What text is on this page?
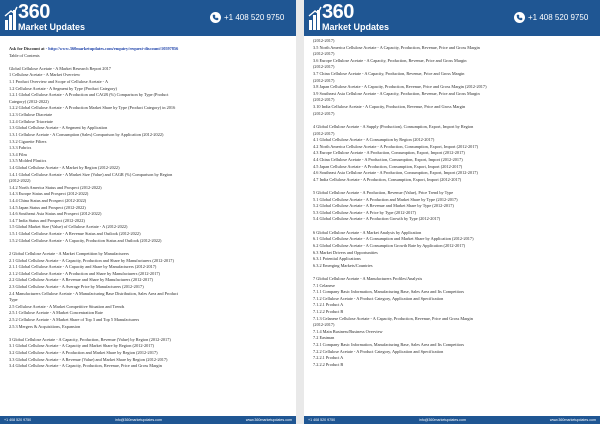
360
Market Updates
+1 408 520 9750
Ask for Discount at - http://www.360marketupdates.com/enquiry/request-discount/10597856
Table of Contents
Global Cellulose Acetate - A Market Research Report 2017
1 Cellulose Acetate - A Market Overview
1.1 Product Overview and Scope of Cellulose Acetate - A
1.2 Cellulose Acetate - A Segment by Type (Product Category)
1.2.1 Global Cellulose Acetate - A Production and CAGR (%) Comparison by Type (Product
Category) (2012-2022)
1.2.2 Global Cellulose Acetate - A Production Market Share by Type (Product Category) in 2016
1.2.3 Cellulose Diacetate
1.2.4 Cellulose Triacetate
1.3 Global Cellulose Acetate - A Segment by Application
1.3.1 Cellulose Acetate - A Consumption (Sales) Comparison by Application (2012-2022)
1.3.2 Cigarette Filters
1.3.3 Fabrics
1.3.4 Film
1.3.5 Molded Plastics
1.4 Global Cellulose Acetate - A Market by Region (2012-2022)
1.4.1 Global Cellulose Acetate - A Market Size (Value) and CAGR (%) Comparison by Region
(2012-2022)
1.4.2 North America Status and Prospect (2012-2022)
1.4.3 Europe Status and Prospect (2012-2022)
1.4.4 China Status and Prospect (2012-2022)
1.4.5 Japan Status and Prospect (2012-2022)
1.4.6 Southeast Asia Status and Prospect (2012-2022)
1.4.7 India Status and Prospect (2012-2022)
1.5 Global Market Size (Value) of Cellulose Acetate - A (2012-2022)
1.5.1 Global Cellulose Acetate - A Revenue Status and Outlook (2012-2022)
1.5.2 Global Cellulose Acetate - A Capacity, Production Status and Outlook (2012-2022)
2 Global Cellulose Acetate - A Market Competition by Manufacturers
2.1 Global Cellulose Acetate - A Capacity, Production and Share by Manufacturers (2012-2017)
2.1.1 Global Cellulose Acetate - A Capacity and Share by Manufacturers (2012-2017)
2.1.2 Global Cellulose Acetate - A Production and Share by Manufacturers (2012-2017)
2.2 Global Cellulose Acetate - A Revenue and Share by Manufacturers (2012-2017)
2.3 Global Cellulose Acetate - A Average Price by Manufacturers (2012-2017)
2.4 Manufacturers Cellulose Acetate - A Manufacturing Base Distribution, Sales Area and Product
Type
2.5 Cellulose Acetate - A Market Competitive Situation and Trends
2.5.1 Cellulose Acetate - A Market Concentration Rate
2.5.2 Cellulose Acetate - A Market Share of Top 3 and Top 5 Manufacturers
2.5.3 Mergers & Acquisitions, Expansion
3 Global Cellulose Acetate - A Capacity, Production, Revenue (Value) by Region (2012-2017)
3.1 Global Cellulose Acetate - A Capacity and Market Share by Region (2012-2017)
3.2 Global Cellulose Acetate - A Production and Market Share by Region (2012-2017)
3.3 Global Cellulose Acetate - A Revenue (Value) and Market Share by Region (2012-2017)
3.4 Global Cellulose Acetate - A Capacity, Production, Revenue, Price and Gross Margin
+1 408 520 9750	info@360marketupdates.com	www.360marketupdates.com
360
Market Updates
+1 408 520 9750
(2012-2017)
3.5 North America Cellulose Acetate - A Capacity, Production, Revenue, Price and Gross Margin
(2012-2017)
3.6 Europe Cellulose Acetate - A Capacity, Production, Revenue, Price and Gross Margin
(2012-2017)
3.7 China Cellulose Acetate - A Capacity, Production, Revenue, Price and Gross Margin
(2012-2017)
3.8 Japan Cellulose Acetate - A Capacity, Production, Revenue, Price and Gross Margin (2012-2017)
3.9 Southeast Asia Cellulose Acetate - A Capacity, Production, Revenue, Price and Gross Margin
(2012-2017)
3.10 India Cellulose Acetate - A Capacity, Production, Revenue, Price and Gross Margin
(2012-2017)
4 Global Cellulose Acetate - A Supply (Production), Consumption, Export, Import by Region
(2012-2017)
4.1 Global Cellulose Acetate - A Consumption by Region (2012-2017)
4.2 North America Cellulose Acetate - A Production, Consumption, Export, Import (2012-2017)
4.3 Europe Cellulose Acetate - A Production, Consumption, Export, Import (2012-2017)
4.4 China Cellulose Acetate - A Production, Consumption, Export, Import (2012-2017)
4.5 Japan Cellulose Acetate - A Production, Consumption, Export, Import (2012-2017)
4.6 Southeast Asia Cellulose Acetate - A Production, Consumption, Export, Import (2012-2017)
4.7 India Cellulose Acetate - A Production, Consumption, Export, Import (2012-2017)
5 Global Cellulose Acetate - A Production, Revenue (Value), Price Trend by Type
5.1 Global Cellulose Acetate - A Production and Market Share by Type (2012-2017)
5.2 Global Cellulose Acetate - A Revenue and Market Share by Type (2012-2017)
5.3 Global Cellulose Acetate - A Price by Type (2012-2017)
5.4 Global Cellulose Acetate - A Production Growth by Type (2012-2017)
6 Global Cellulose Acetate - A Market Analysis by Application
6.1 Global Cellulose Acetate - A Consumption and Market Share by Application (2012-2017)
6.2 Global Cellulose Acetate - A Consumption Growth Rate by Application (2012-2017)
6.3 Market Drivers and Opportunities
6.3.1 Potential Applications
6.3.2 Emerging Markets/Countries
7 Global Cellulose Acetate - A Manufacturers Profiles/Analysis
7.1 Celanese
7.1.1 Company Basic Information, Manufacturing Base, Sales Area and Its Competitors
7.1.2 Cellulose Acetate - A Product Category, Application and Specification
7.1.2.1 Product A
7.1.2.2 Product B
7.1.3 Celanese Cellulose Acetate - A Capacity, Production, Revenue, Price and Gross Margin
(2012-2017)
7.1.4 Main Business/Business Overview
7.2 Eastman
7.2.1 Company Basic Information, Manufacturing Base, Sales Area and Its Competitors
7.2.2 Cellulose Acetate - A Product Category, Application and Specification
7.2.2.1 Product A
7.2.2.2 Product B
+1 408 520 9750	info@360marketupdates.com	www.360marketupdates.com
